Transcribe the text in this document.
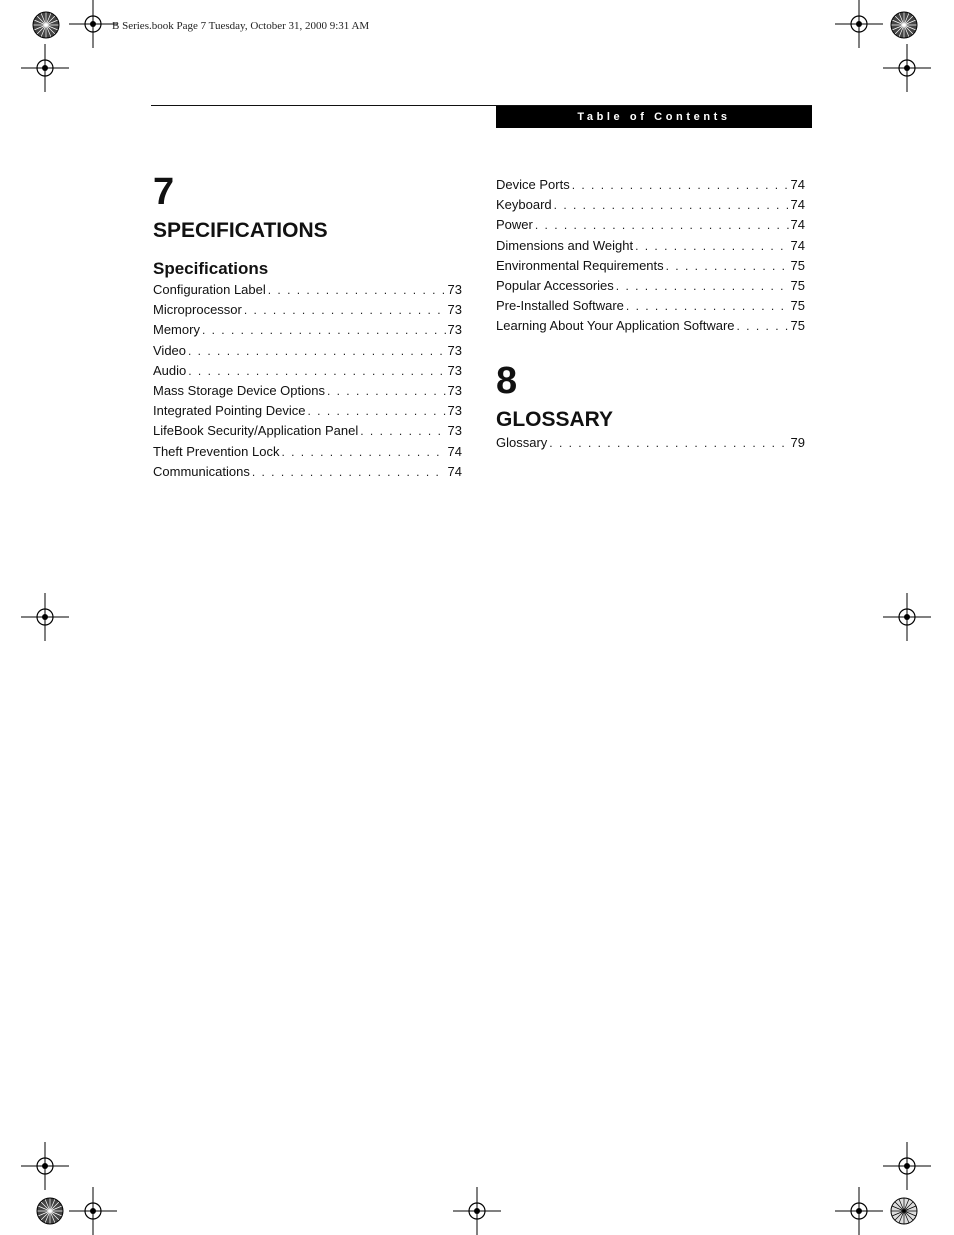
B Series.book Page 7 Tuesday, October 31, 2000 9:31 AM
Table of Contents
7
SPECIFICATIONS
Specifications
Configuration Label . . .	73
Microprocessor . . .	73
Memory . . .	73
Video . . .	73
Audio . . .	73
Mass Storage Device Options . . .	73
Integrated Pointing Device . . .	73
LifeBook Security/Application Panel . . .	73
Theft Prevention Lock . . .	74
Communications . . .	74
Device Ports . . .	74
Keyboard . . .	74
Power . . .	74
Dimensions and Weight . . .	74
Environmental Requirements . . .	75
Popular Accessories . . .	75
Pre-Installed Software . . .	75
Learning About Your Application Software . . .	75
8
GLOSSARY
Glossary . . .	79
